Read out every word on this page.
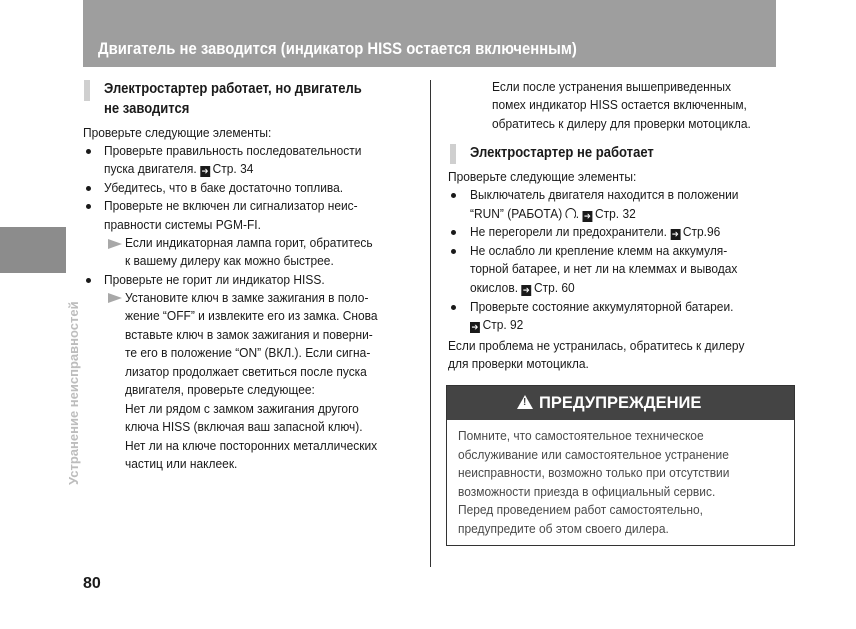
Двигатель не заводится (индикатор HISS остается включенным)
Устранение неисправностей
80
Электростартер работает, но двигатель
не заводится
Проверьте следующие элементы:
Проверьте правильность последовательности
пуска двигателя. ➔ Стр. 34
Убедитесь, что в баке достаточно топлива.
Проверьте не включен ли сигнализатор неис-
правности системы PGM-FI.
Если индикаторная лампа горит, обратитесь
к вашему дилеру как можно быстрее.
Проверьте не горит ли индикатор HISS.
Установите ключ в замке зажигания в поло-
жение “OFF” и извлеките его из замка. Снова
вставьте ключ в замок зажигания и поверни-
те его в положение “ON” (ВКЛ.). Если сигна-
лизатор продолжает светиться после пуска
двигателя, проверьте следующее:
Нет ли рядом с замком зажигания другого
ключа HISS (включая ваш запасной ключ).
Нет ли на ключе посторонних металлических
частиц или наклеек.
Если после устранения вышеприведенных
помех индикатор HISS остается включенным,
обратитесь к дилеру для проверки мотоцикла.
Электростартер не работает
Проверьте следующие элементы:
Выключатель двигателя находится в положении
“RUN” (РАБОТА) . ➔ Стр. 32
Не перегорели ли предохранители. ➔ Стр.96
Не ослабло ли крепление клемм на аккумуля-
торной батарее, и нет ли на клеммах и выводах
окислов. ➔ Стр. 60
Проверьте состояние аккумуляторной батареи.
➔ Стр. 92
Если проблема не устранилась, обратитесь к дилеру
для проверки мотоцикла.
! ПРЕДУПРЕЖДЕНИЕ
Помните, что самостоятельное техническое
обслуживание или самостоятельное устранение
неисправности, возможно только при отсутствии
возможности приезда в официальный сервис.
Перед проведением работ самостоятельно,
предупредите об этом своего дилера.
